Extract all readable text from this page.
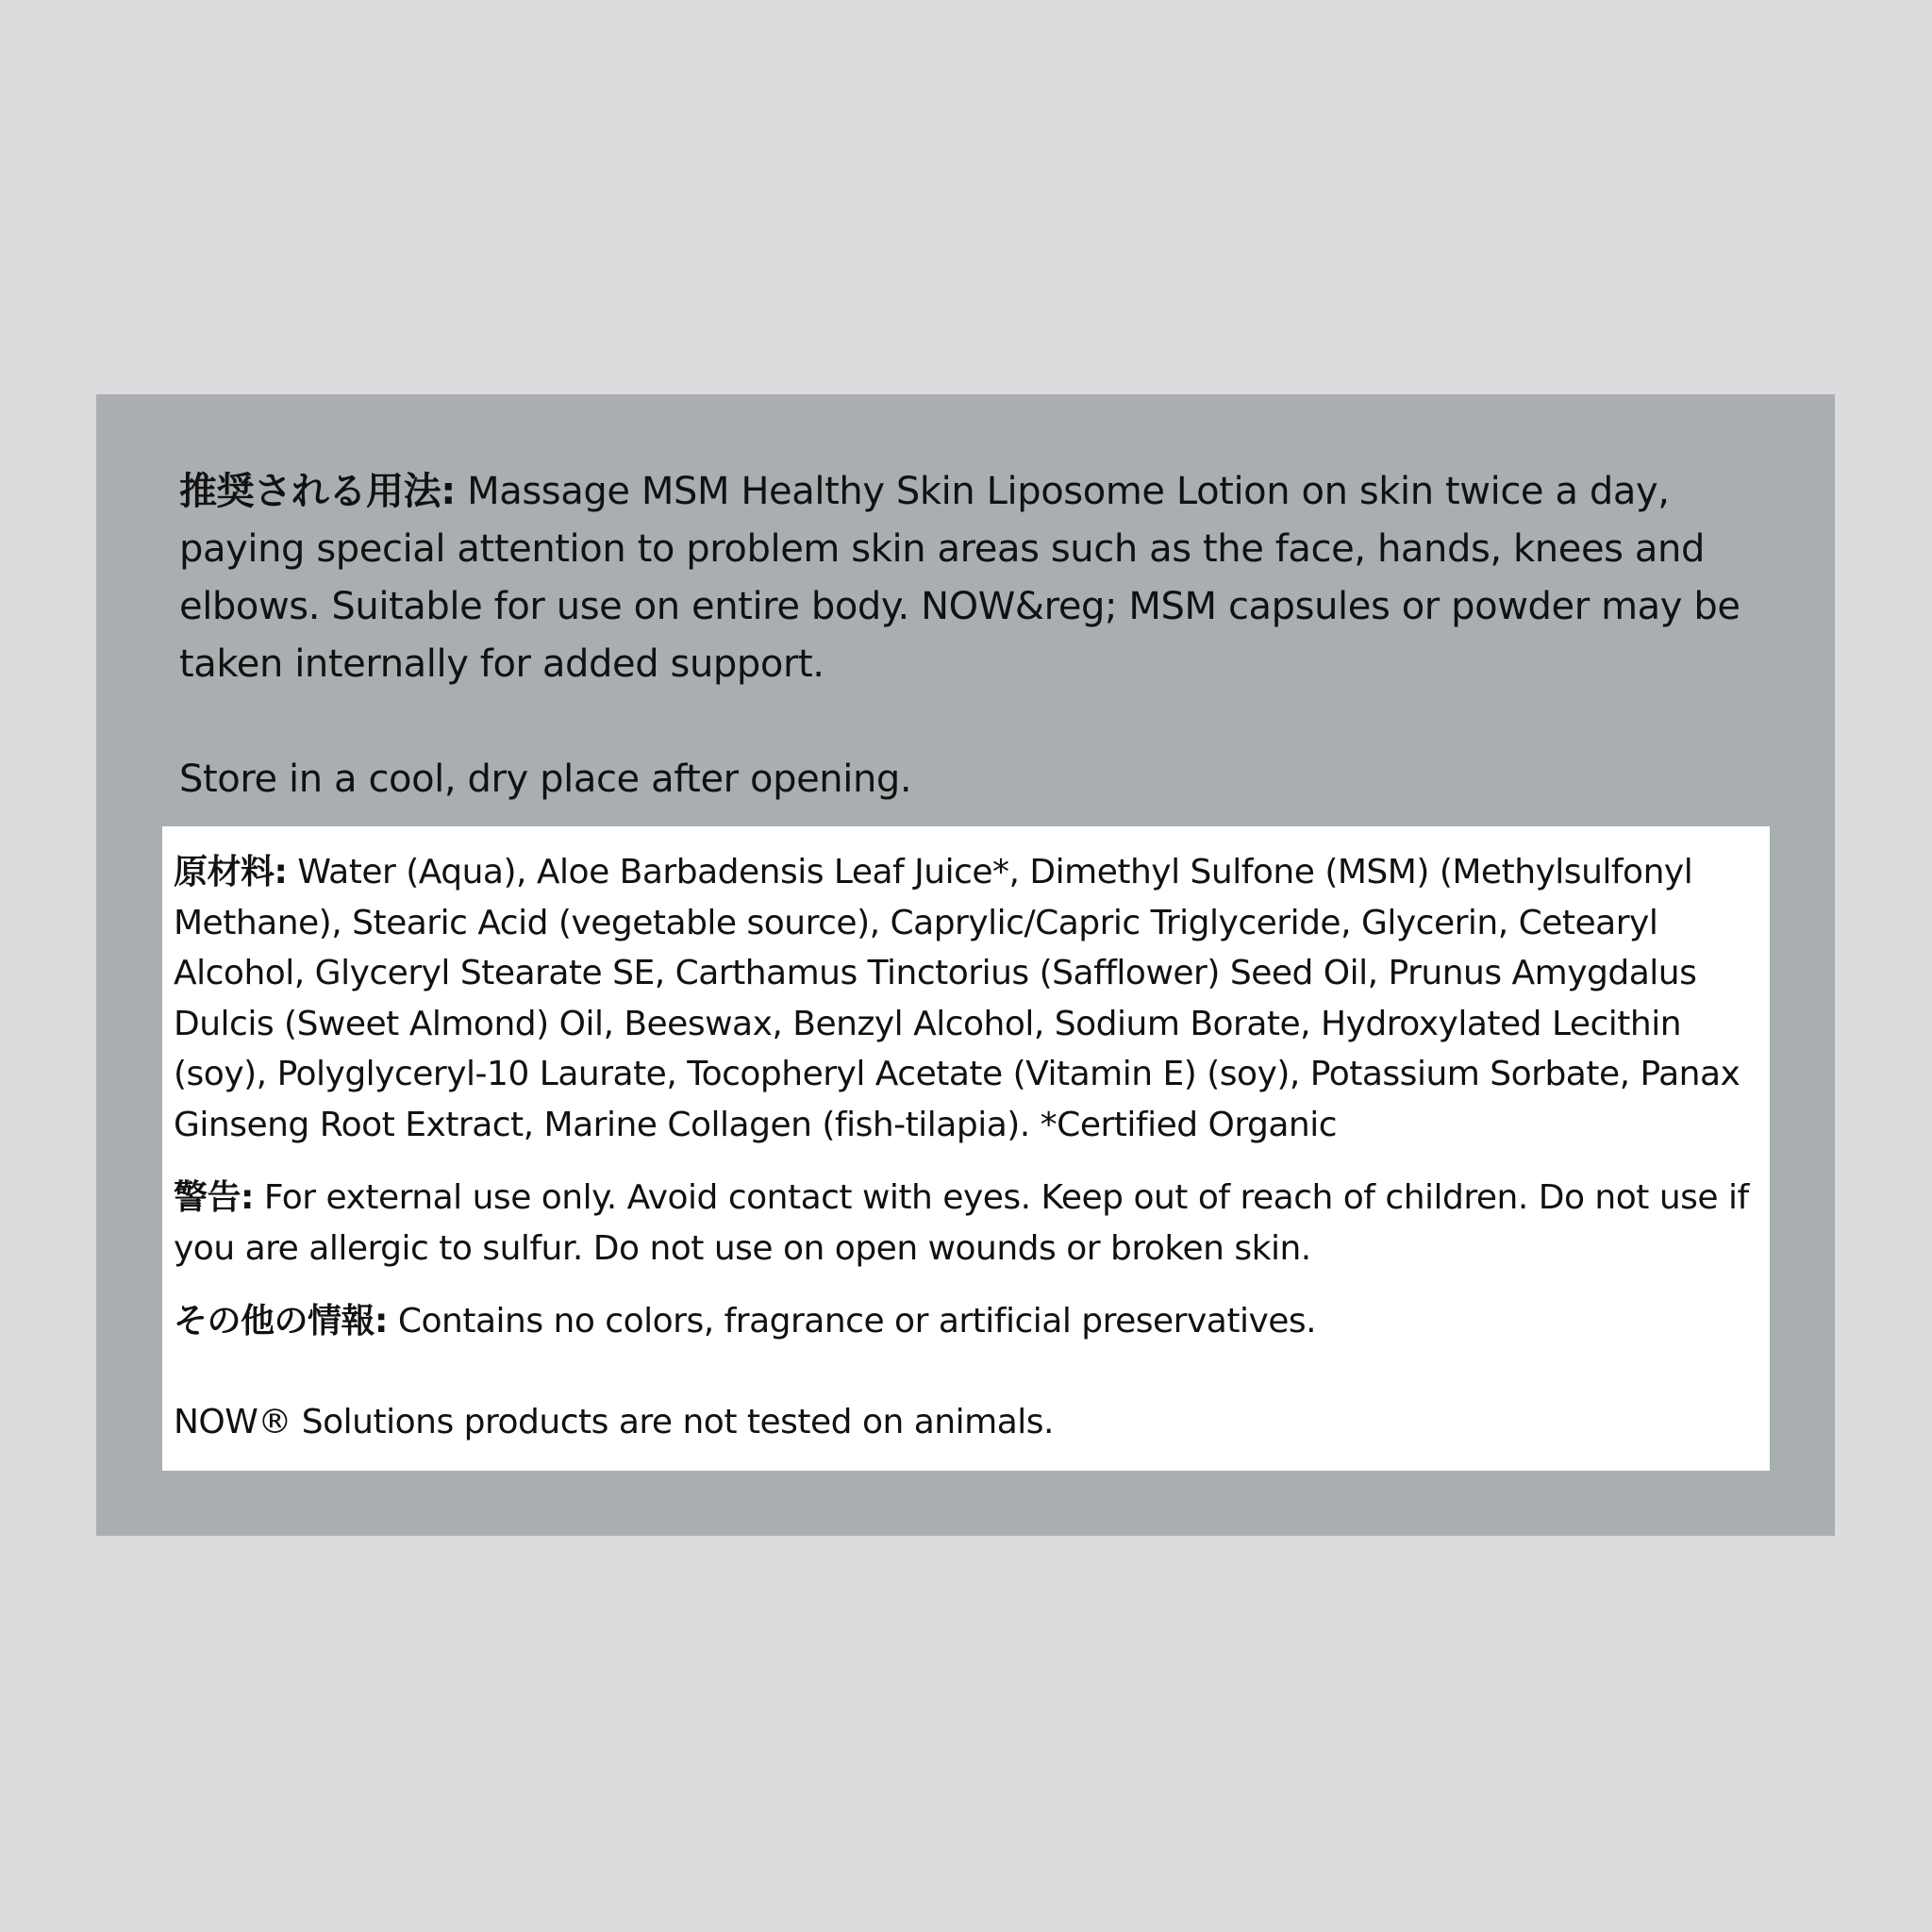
推奨される用法: Massage MSM Healthy Skin Liposome Lotion on skin twice a day, paying special attention to problem skin areas such as the face, hands, knees and elbows. Suitable for use on entire body. NOW&reg; MSM capsules or powder may be taken internally for added support.

Store in a cool, dry place after opening.

原材料: Water (Aqua), Aloe Barbadensis Leaf Juice*, Dimethyl Sulfone (MSM) (Methylsulfonyl Methane), Stearic Acid (vegetable source), Caprylic/Capric Triglyceride, Glycerin, Cetearyl Alcohol, Glyceryl Stearate SE, Carthamus Tinctorius (Safflower) Seed Oil, Prunus Amygdalus Dulcis (Sweet Almond) Oil, Beeswax, Benzyl Alcohol, Sodium Borate, Hydroxylated Lecithin (soy), Polyglyceryl-10 Laurate, Tocopheryl Acetate (Vitamin E) (soy), Potassium Sorbate, Panax Ginseng Root Extract, Marine Collagen (fish-tilapia). *Certified Organic

警告: For external use only. Avoid contact with eyes. Keep out of reach of children. Do not use if you are allergic to sulfur. Do not use on open wounds or broken skin.

その他の情報: Contains no colors, fragrance or artificial preservatives.

NOW® Solutions products are not tested on animals.
